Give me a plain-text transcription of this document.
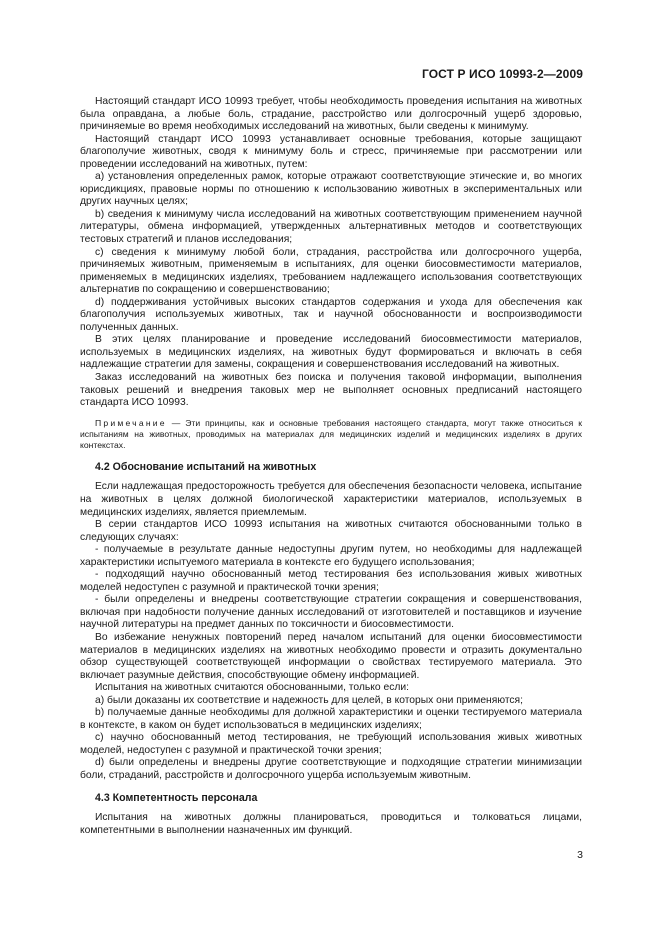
ГОСТ Р ИСО 10993-2—2009

Настоящий стандарт ИСО 10993 требует, чтобы необходимость проведения испытания на животных была оправдана, а любые боль, страдание, расстройство или долгосрочный ущерб здоровью, причиняемые во время необходимых исследований на животных, были сведены к минимуму.

Настоящий стандарт ИСО 10993 устанавливает основные требования, которые защищают благополучие животных, сводя к минимуму боль и стресс, причиняемые при рассмотрении или проведении исследований на животных, путем:

а) установления определенных рамок, которые отражают соответствующие этические и, во многих юрисдикциях, правовые нормы по отношению к использованию животных в экспериментальных или других научных целях;

b) сведения к минимуму числа исследований на животных соответствующим применением научной литературы, обмена информацией, утвержденных альтернативных методов и соответствующих тестовых стратегий и планов исследования;

c) сведения к минимуму любой боли, страдания, расстройства или долгосрочного ущерба, причиняемых животным, применяемым в испытаниях, для оценки биосовместимости материалов, применяемых в медицинских изделиях, требованием надлежащего использования соответствующих альтернатив по сокращению и совершенствованию;

d) поддерживания устойчивых высоких стандартов содержания и ухода для обеспечения как благополучия используемых животных, так и научной обоснованности и воспроизводимости полученных данных.

В этих целях планирование и проведение исследований биосовместимости материалов, используемых в медицинских изделиях, на животных будут формироваться и включать в себя надлежащие стратегии для замены, сокращения и совершенствования исследований на животных.

Заказ исследований на животных без поиска и получения таковой информации, выполнения таковых решений и внедрения таковых мер не выполняет основных предписаний настоящего стандарта ИСО 10993.

Примечание — Эти принципы, как и основные требования настоящего стандарта, могут также относиться к испытаниям на животных, проводимых на материалах для медицинских изделий и медицинских изделиях в других контекстах.

4.2 Обоснование испытаний на животных

Если надлежащая предосторожность требуется для обеспечения безопасности человека, испытание на животных в целях должной биологической характеристики материалов, используемых в медицинских изделиях, является приемлемым.

В серии стандартов ИСО 10993 испытания на животных считаются обоснованными только в следующих случаях:

- получаемые в результате данные недоступны другим путем, но необходимы для надлежащей характеристики испытуемого материала в контексте его будущего использования;

- подходящий научно обоснованный метод тестирования без использования живых животных моделей недоступен с разумной и практической точки зрения;

- были определены и внедрены соответствующие стратегии сокращения и совершенствования, включая при надобности получение данных исследований от изготовителей и поставщиков и изучение научной литературы на предмет данных по токсичности и биосовместимости.

Во избежание ненужных повторений перед началом испытаний для оценки биосовместимости материалов в медицинских изделиях на животных необходимо провести и отразить документально обзор существующей соответствующей информации о свойствах тестируемого материала. Это включает разумные действия, способствующие обмену информацией.

Испытания на животных считаются обоснованными, только если:

а) были доказаны их соответствие и надежность для целей, в которых они применяются;

b) получаемые данные необходимы для должной характеристики и оценки тестируемого материала в контексте, в каком он будет использоваться в медицинских изделиях;

c) научно обоснованный метод тестирования, не требующий использования живых животных моделей, недоступен с разумной и практической точки зрения;

d) были определены и внедрены другие соответствующие и подходящие стратегии минимизации боли, страданий, расстройств и долгосрочного ущерба используемым животным.

4.3 Компетентность персонала

Испытания на животных должны планироваться, проводиться и толковаться лицами, компетентными в выполнении назначенных им функций.

3
